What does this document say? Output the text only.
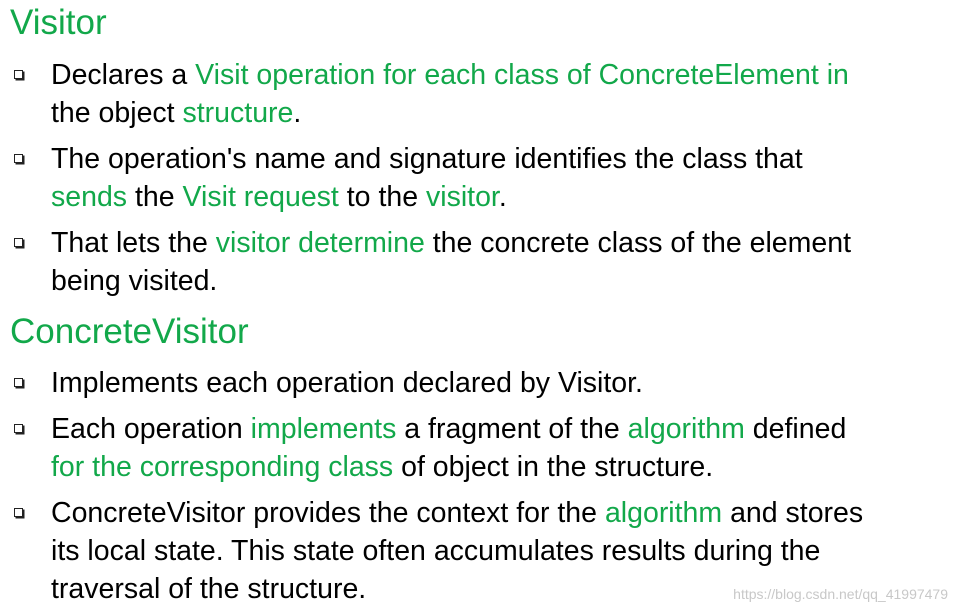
Visitor
Declares a Visit operation for each class of ConcreteElement in
the object structure.
The operation's name and signature identifies the class that
sends the Visit request to the visitor.
That lets the visitor determine the concrete class of the element
being visited.
ConcreteVisitor
Implements each operation declared by Visitor.
Each operation implements a fragment of the algorithm defined
for the corresponding class of object in the structure.
ConcreteVisitor provides the context for the algorithm and stores
its local state. This state often accumulates results during the
traversal of the structure.	https://blog.csdn.net/qq_41997479
